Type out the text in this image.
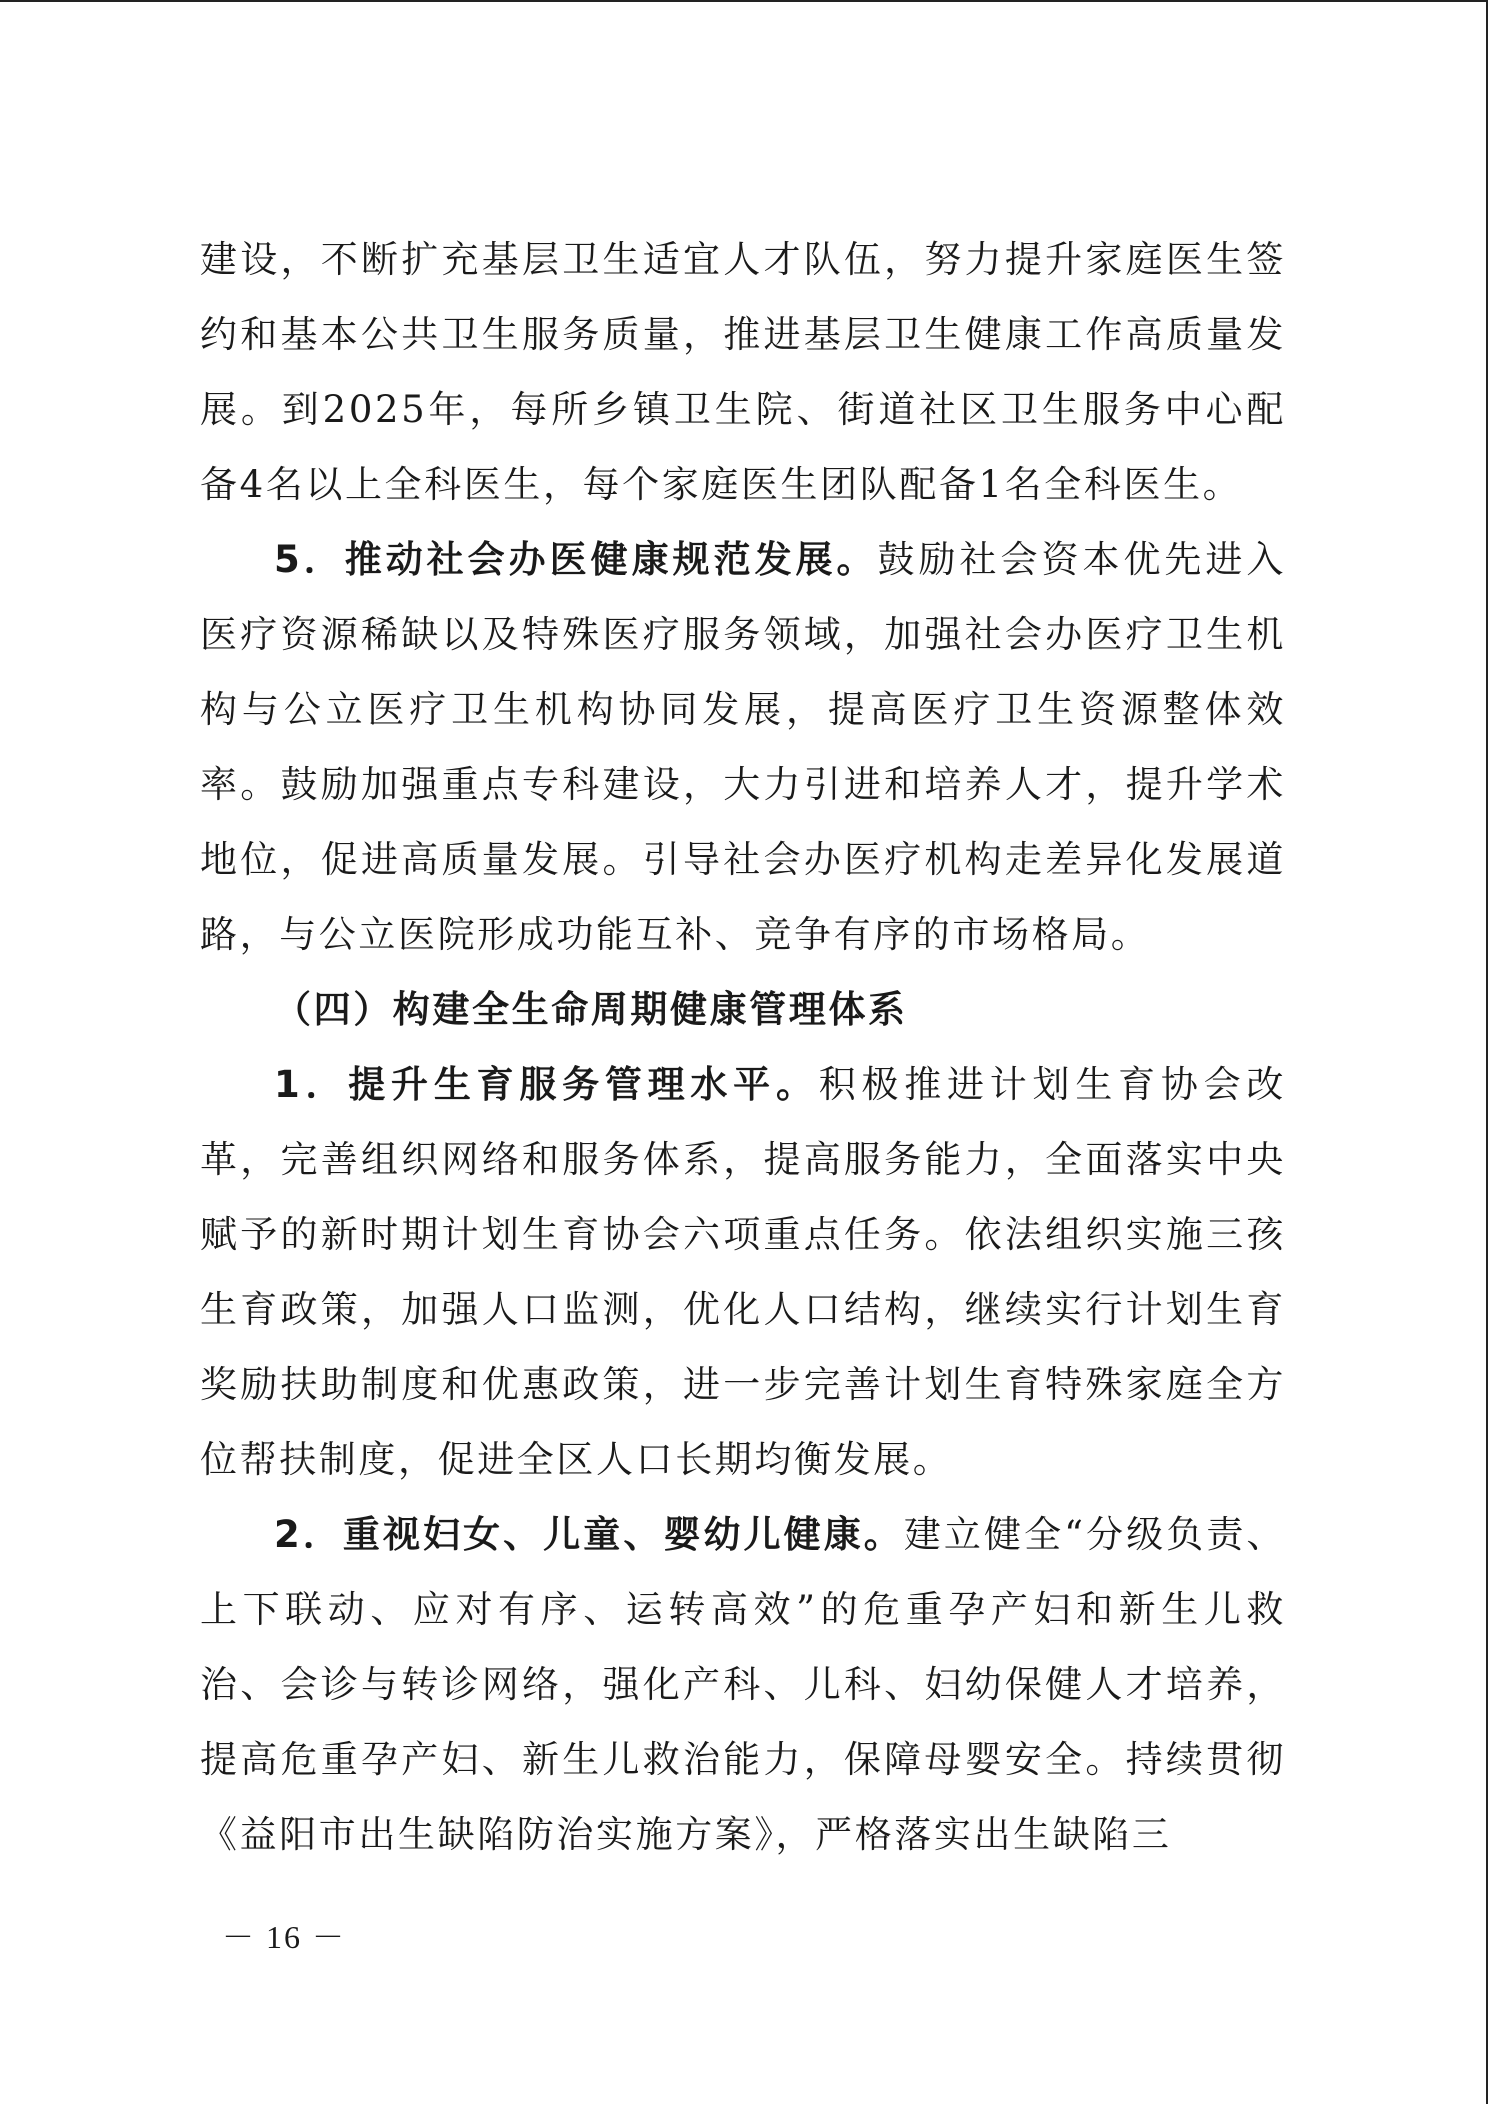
建设，不断扩充基层卫生适宜人才队伍，努力提升家庭医生签约和基本公共卫生服务质量，推进基层卫生健康工作高质量发展。到2025年，每所乡镇卫生院、街道社区卫生服务中心配备4名以上全科医生，每个家庭医生团队配备1名全科医生。

5．推动社会办医健康规范发展。鼓励社会资本优先进入医疗资源稀缺以及特殊医疗服务领域，加强社会办医疗卫生机构与公立医疗卫生机构协同发展，提高医疗卫生资源整体效率。鼓励加强重点专科建设，大力引进和培养人才，提升学术地位，促进高质量发展。引导社会办医疗机构走差异化发展道路，与公立医院形成功能互补、竞争有序的市场格局。

（四）构建全生命周期健康管理体系

1．提升生育服务管理水平。积极推进计划生育协会改革，完善组织网络和服务体系，提高服务能力，全面落实中央赋予的新时期计划生育协会六项重点任务。依法组织实施三孩生育政策，加强人口监测，优化人口结构，继续实行计划生育奖励扶助制度和优惠政策，进一步完善计划生育特殊家庭全方位帮扶制度，促进全区人口长期均衡发展。

2．重视妇女、儿童、婴幼儿健康。建立健全“分级负责、上下联动、应对有序、运转高效”的危重孕产妇和新生儿救治、会诊与转诊网络，强化产科、儿科、妇幼保健人才培养，提高危重孕产妇、新生儿救治能力，保障母婴安全。持续贯彻《益阳市出生缺陷防治实施方案》，严格落实出生缺陷三

－ 16 －
